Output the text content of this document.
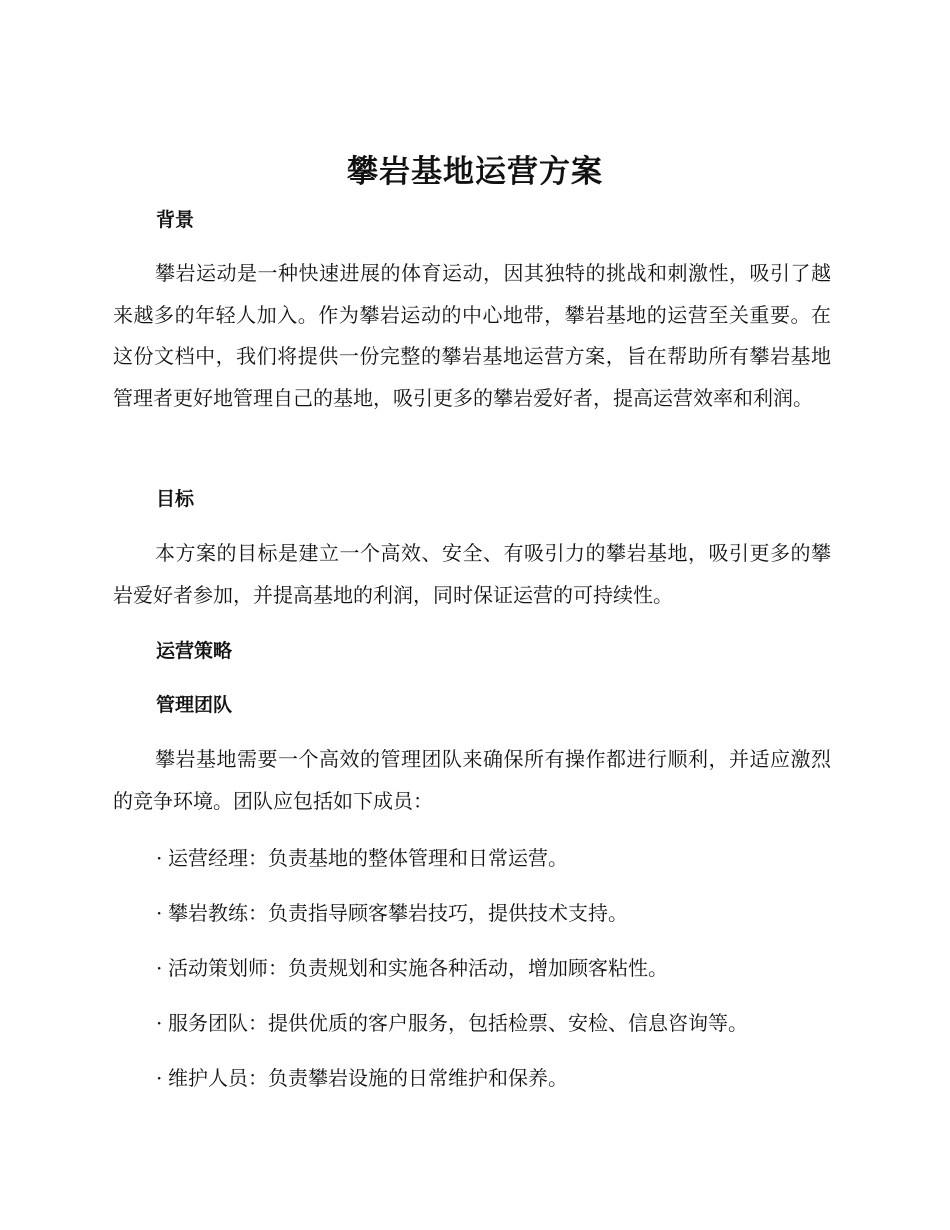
攀岩基地运营方案
背景

攀岩运动是一种快速进展的体育运动，因其独特的挑战和刺激性，吸引了越来越多的年轻人加入。作为攀岩运动的中心地带，攀岩基地的运营至关重要。在这份文档中，我们将提供一份完整的攀岩基地运营方案，旨在帮助所有攀岩基地管理者更好地管理自己的基地，吸引更多的攀岩爱好者，提高运营效率和利润。

目标

本方案的目标是建立一个高效、安全、有吸引力的攀岩基地，吸引更多的攀岩爱好者参加，并提高基地的利润，同时保证运营的可持续性。

运营策略
管理团队

攀岩基地需要一个高效的管理团队来确保所有操作都进行顺利，并适应激烈的竞争环境。团队应包括如下成员：

· 运营经理：负责基地的整体管理和日常运营。
· 攀岩教练：负责指导顾客攀岩技巧，提供技术支持。
· 活动策划师：负责规划和实施各种活动，增加顾客粘性。
· 服务团队：提供优质的客户服务，包括检票、安检、信息咨询等。
· 维护人员：负责攀岩设施的日常维护和保养。
